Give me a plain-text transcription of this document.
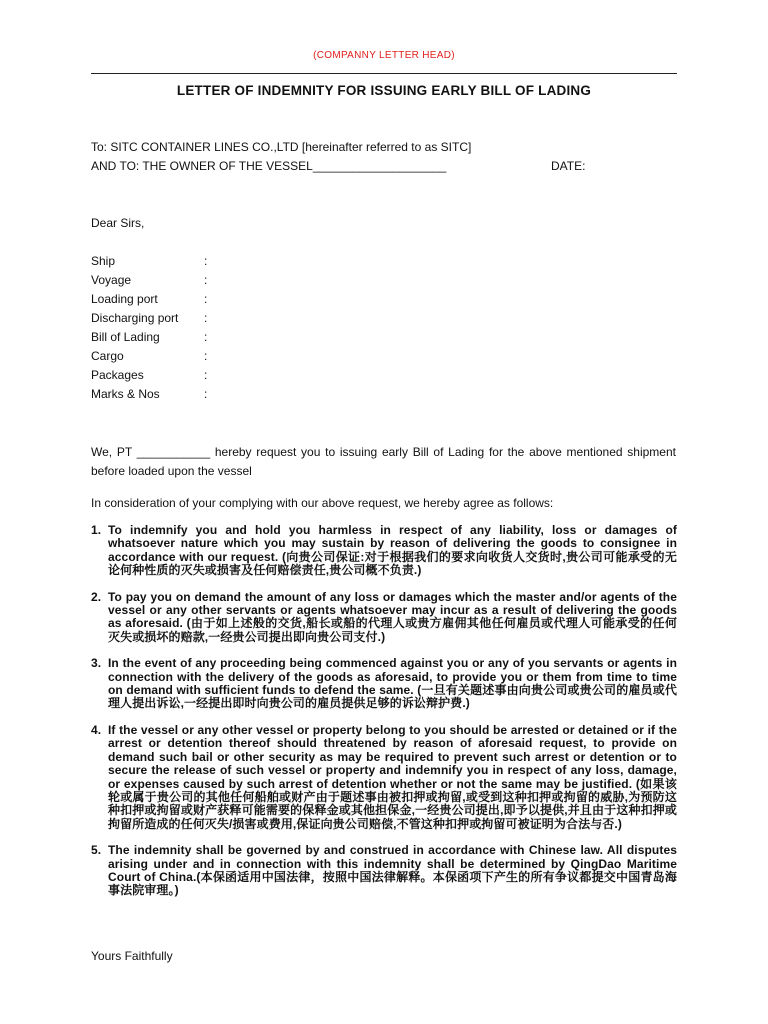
(COMPANNY LETTER HEAD)
LETTER OF INDEMNITY FOR ISSUING EARLY BILL OF LADING
To: SITC CONTAINER LINES CO.,LTD [hereinafter referred to as SITC]
AND TO: THE OWNER OF THE VESSEL____________________	DATE:
Dear Sirs,
Ship	:
Voyage	:
Loading port	:
Discharging port :
Bill of Lading	:
Cargo	:
Packages	:
Marks & Nos	:
We, PT ___________ hereby request you to issuing early Bill of Lading for the above mentioned shipment before loaded upon the vessel
In consideration of your complying with our above request, we hereby agree as follows:
1. To indemnify you and hold you harmless in respect of any liability, loss or damages of whatsoever nature which you may sustain by reason of delivering the goods to consignee in accordance with our request. (向贵公司保证:对于根据我们的要求向收货人交货时,贵公司可能承受的无论何种性质的灭失或损害及任何赔偿责任,贵公司概不负责.)
2. To pay you on demand the amount of any loss or damages which the master and/or agents of the vessel or any other servants or agents whatsoever may incur as a result of delivering the goods as aforesaid. (由于如上述般的交货,船长或船的代理人或贵方雇佣其他任何雇员或代理人可能承受的任何灭失或损坏的赔款,一经贵公司提出即向贵公司支付.)
3. In the event of any proceeding being commenced against you or any of you servants or agents in connection with the delivery of the goods as aforesaid, to provide you or them from time to time on demand with sufficient funds to defend the same. (一旦有关题述事由向贵公司或贵公司的雇员或代理人提出诉讼,一经提出即时向贵公司的雇员提供足够的诉讼辩护费.)
4. If the vessel or any other vessel or property belong to you should be arrested or detained or if the arrest or detention thereof should threatened by reason of aforesaid request, to provide on demand such bail or other security as may be required to prevent such arrest or detention or to secure the release of such vessel or property and indemnify you in respect of any loss, damage, or expenses caused by such arrest of detention whether or not the same may be justified. (如果该轮或属于贵公司的其他任何船舶或财产由于题述事由被扣押或拘留,或受到这种扣押或拘留的威胁,为预防这种扣押或拘留或财产获释可能需要的保释金或其他担保金,一经贵公司提出,即予以提供,并且由于这种扣押或拘留所造成的任何灭失/损害或费用,保证向贵公司赔偿,不管这种扣押或拘留可被证明为合法与否.)
5. The indemnity shall be governed by and construed in accordance with Chinese law. All disputes arising under and in connection with this indemnity shall be determined by QingDao Maritime Court of China.(本保函适用中国法律，按照中国法律解释。本保函项下产生的所有争议都提交中国青岛海事法院审理。)
Yours Faithfully
